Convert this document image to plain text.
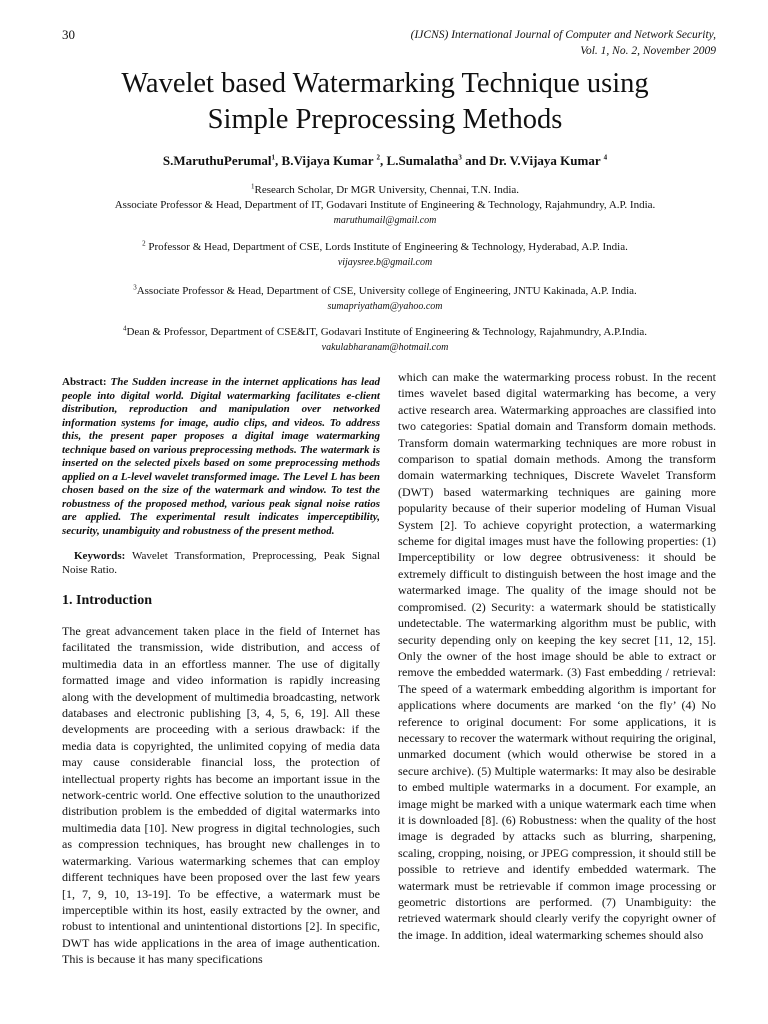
30	(IJCNS) International Journal of Computer and Network Security,
Vol. 1, No. 2, November 2009
Wavelet based Watermarking Technique using
Simple Preprocessing Methods
S.MaruthuPerumal$^1$, B.Vijaya Kumar $^2$, L.Sumalatha$^3$ and Dr. V.Vijaya Kumar $^4$
$^1$Research Scholar, Dr MGR University, Chennai, T.N. India.
Associate Professor & Head, Department of IT, Godavari Institute of Engineering & Technology, Rajahmundry, A.P. India.
maruthumail@gmail.com
$^2$ Professor & Head, Department of CSE, Lords Institute of Engineering & Technology, Hyderabad, A.P. India.
vijaysree.b@gmail.com
$^3$Associate Professor & Head, Department of CSE, University college of Engineering, JNTU Kakinada, A.P. India.
sumapriyatham@yahoo.com
$^4$Dean & Professor, Department of CSE&IT, Godavari Institute of Engineering & Technology, Rajahmundry, A.P.India.
vakulabharanam@hotmail.com

Abstract: The Sudden increase in the internet applications has lead people into digital world. Digital watermarking facilitates e-client distribution, reproduction and manipulation over networked information systems for image, audio clips, and videos. To address this, the present paper proposes a digital image watermarking technique based on various preprocessing methods. The watermark is inserted on the selected pixels based on some preprocessing methods applied on a L-level wavelet transformed image. The Level L has been chosen based on the size of the watermark and window. To test the robustness of the proposed method, various peak signal noise ratios are applied. The experimental result indicates imperceptibility, security, unambiguity and robustness of the present method.

Keywords: Wavelet Transformation, Preprocessing, Peak Signal Noise Ratio.

1. Introduction

The great advancement taken place in the field of Internet has facilitated the transmission, wide distribution, and access of multimedia data in an effortless manner. The use of digitally formatted image and video information is rapidly increasing along with the development of multimedia broadcasting, network databases and electronic publishing [3, 4, 5, 6, 19]. All these developments are proceeding with a serious drawback: if the media data is copyrighted, the unlimited copying of media data may cause considerable financial loss, the protection of intellectual property rights has become an important issue in the network-centric world. One effective solution to the unauthorized distribution problem is the embedded of digital watermarks into multimedia data [10]. New progress in digital technologies, such as compression techniques, has brought new challenges in to watermarking. Various watermarking schemes that can employ different techniques have been proposed over the last few years [1, 7, 9, 10, 13-19]. To be effective, a watermark must be imperceptible within its host, easily extracted by the owner, and robust to intentional and unintentional distortions [2]. In specific, DWT has wide applications in the area of image authentication. This is because it has many specifications

which can make the watermarking process robust. In the recent times wavelet based digital watermarking has become, a very active research area. Watermarking approaches are classified into two categories: Spatial domain and Transform domain methods. Transform domain watermarking techniques are more robust in comparison to spatial domain methods. Among the transform domain watermarking techniques, Discrete Wavelet Transform (DWT) based watermarking techniques are gaining more popularity because of their superior modeling of Human Visual System [2]. To achieve copyright protection, a watermarking scheme for digital images must have the following properties: (1) Imperceptibility or low degree obtrusiveness: it should be extremely difficult to distinguish between the host image and the watermarked image. The quality of the image should not be compromised. (2) Security: a watermark should be statistically undetectable. The watermarking algorithm must be public, with security depending only on keeping the key secret [11, 12, 15]. Only the owner of the host image should be able to extract or remove the embedded watermark. (3) Fast embedding / retrieval: The speed of a watermark embedding algorithm is important for applications where documents are marked ‘on the fly’ (4) No reference to original document: For some applications, it is necessary to recover the watermark without requiring the original, unmarked document (which would otherwise be stored in a secure archive). (5) Multiple watermarks: It may also be desirable to embed multiple watermarks in a document. For example, an image might be marked with a unique watermark each time when it is downloaded [8]. (6) Robustness: when the quality of the host image is degraded by attacks such as blurring, sharpening, scaling, cropping, noising, or JPEG compression, it should still be possible to retrieve and identify embedded watermark. The watermark must be retrievable if common image processing or geometric distortions are performed. (7) Unambiguity: the retrieved watermark should clearly verify the copyright owner of the image. In addition, ideal watermarking schemes should also
